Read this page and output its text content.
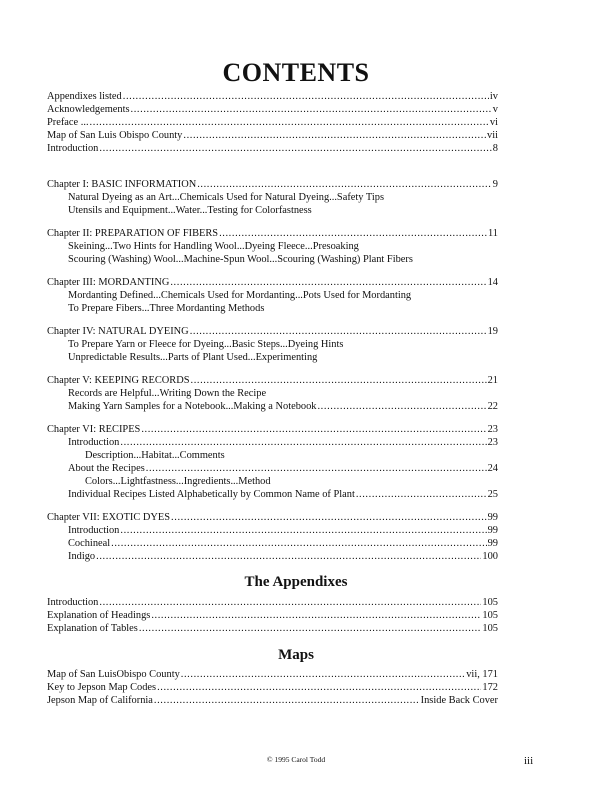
CONTENTS
Appendixes listed .....	iv
Acknowledgements .....	v
Preface ... .....	vi
Map of San Luis Obispo County .....	vii
Introduction .....	8
Chapter I: BASIC INFORMATION .....	9
Natural Dyeing as an Art...Chemicals Used for Natural Dyeing...Safety Tips
Utensils and Equipment...Water...Testing for Colorfastness
Chapter II: PREPARATION OF FIBERS .....	11
Skeining...Two Hints for Handling Wool...Dyeing Fleece...Presoaking
Scouring (Washing) Wool...Machine-Spun Wool...Scouring (Washing) Plant Fibers
Chapter III: MORDANTING .....	14
Mordanting Defined...Chemicals Used for Mordanting...Pots Used for Mordanting
To Prepare Fibers...Three Mordanting Methods
Chapter IV: NATURAL DYEING .....	19
To Prepare Yarn or Fleece for Dyeing...Basic Steps...Dyeing Hints
Unpredictable Results...Parts of Plant Used...Experimenting
Chapter V: KEEPING RECORDS .....	21
Records are Helpful...Writing Down the Recipe
Making Yarn Samples for a Notebook...Making a Notebook .....	22
Chapter VI: RECIPES .....	23
Introduction .....	23
Description...Habitat...Comments
About the Recipes .....	24
Colors...Lightfastness...Ingredients...Method
Individual Recipes Listed Alphabetically by Common Name of Plant .....	25
Chapter VII: EXOTIC DYES .....	99
Introduction .....	99
Cochineal .....	99
Indigo .....	100
The Appendixes
Introduction .....	105
Explanation of Headings .....	105
Explanation of Tables .....	105
Maps
Map of San LuisObispo County .....	vii, 171
Key to Jepson Map Codes .....	172
Jepson Map of California .....	Inside Back Cover
© 1995 Carol Todd	iii
